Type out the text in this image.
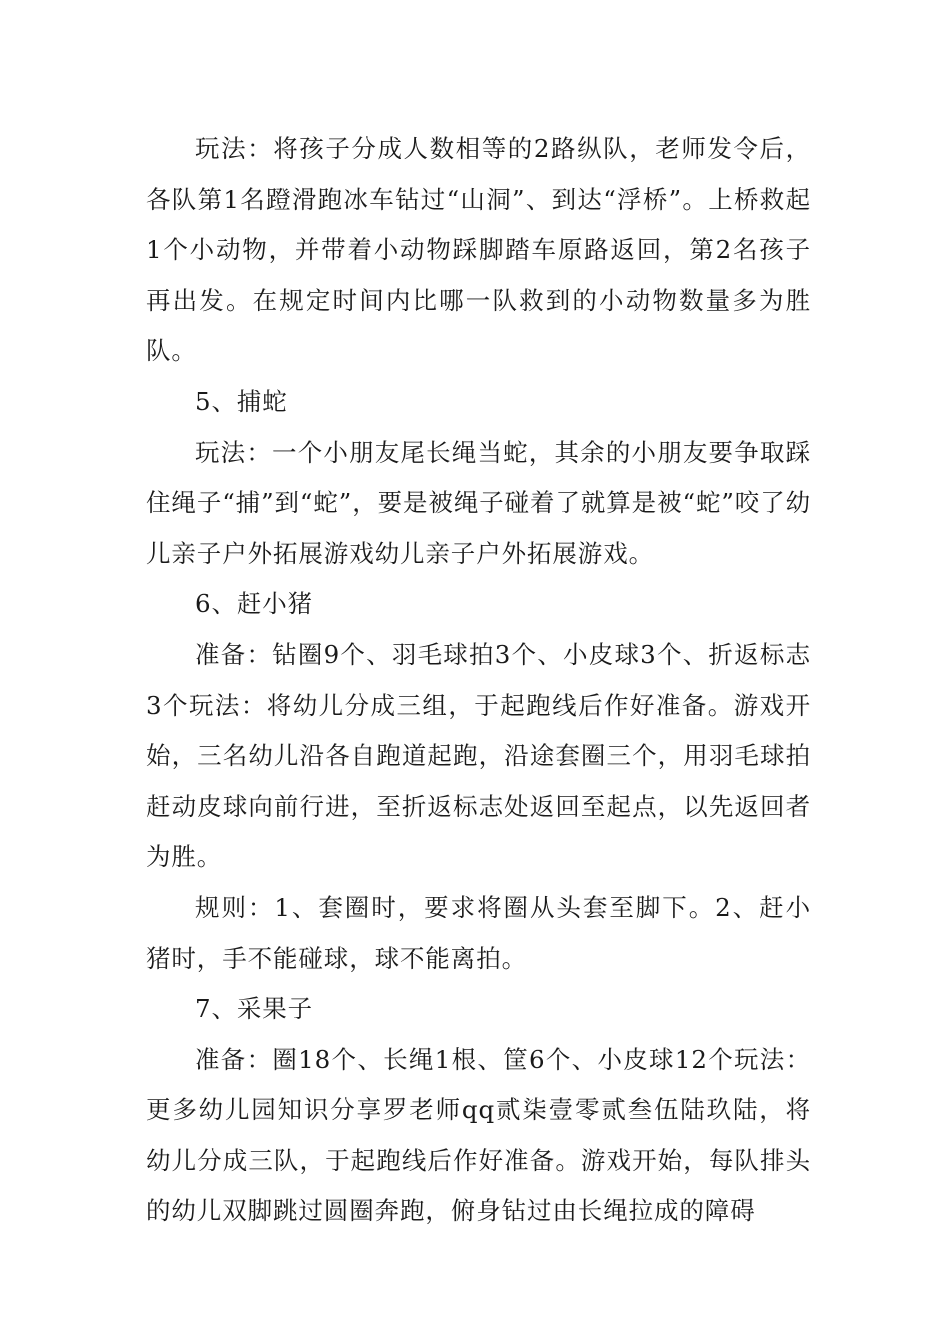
玩法：将孩子分成人数相等的2路纵队，老师发令后，各队第1名蹬滑跑冰车钻过“山洞”、到达“浮桥”。上桥救起1个小动物，并带着小动物踩脚踏车原路返回，第2名孩子再出发。在规定时间内比哪一队救到的小动物数量多为胜队。

5、捕蛇

玩法：一个小朋友尾长绳当蛇，其余的小朋友要争取踩住绳子“捕”到“蛇”，要是被绳子碰着了就算是被“蛇”咬了幼儿亲子户外拓展游戏幼儿亲子户外拓展游戏。

6、赶小猪

准备：钻圈9个、羽毛球拍3个、小皮球3个、折返标志3个玩法：将幼儿分成三组，于起跑线后作好准备。游戏开始，三名幼儿沿各自跑道起跑，沿途套圈三个，用羽毛球拍赶动皮球向前行进，至折返标志处返回至起点，以先返回者为胜。

规则：1、套圈时，要求将圈从头套至脚下。2、赶小猪时，手不能碰球，球不能离拍。

7、采果子

准备：圈18个、长绳1根、筐6个、小皮球12个玩法：更多幼儿园知识分享罗老师qq贰柒壹零贰叁伍陆玖陆，将幼儿分成三队，于起跑线后作好准备。游戏开始，每队排头的幼儿双脚跳过圆圈奔跑，俯身钻过由长绳拉成的障碍
